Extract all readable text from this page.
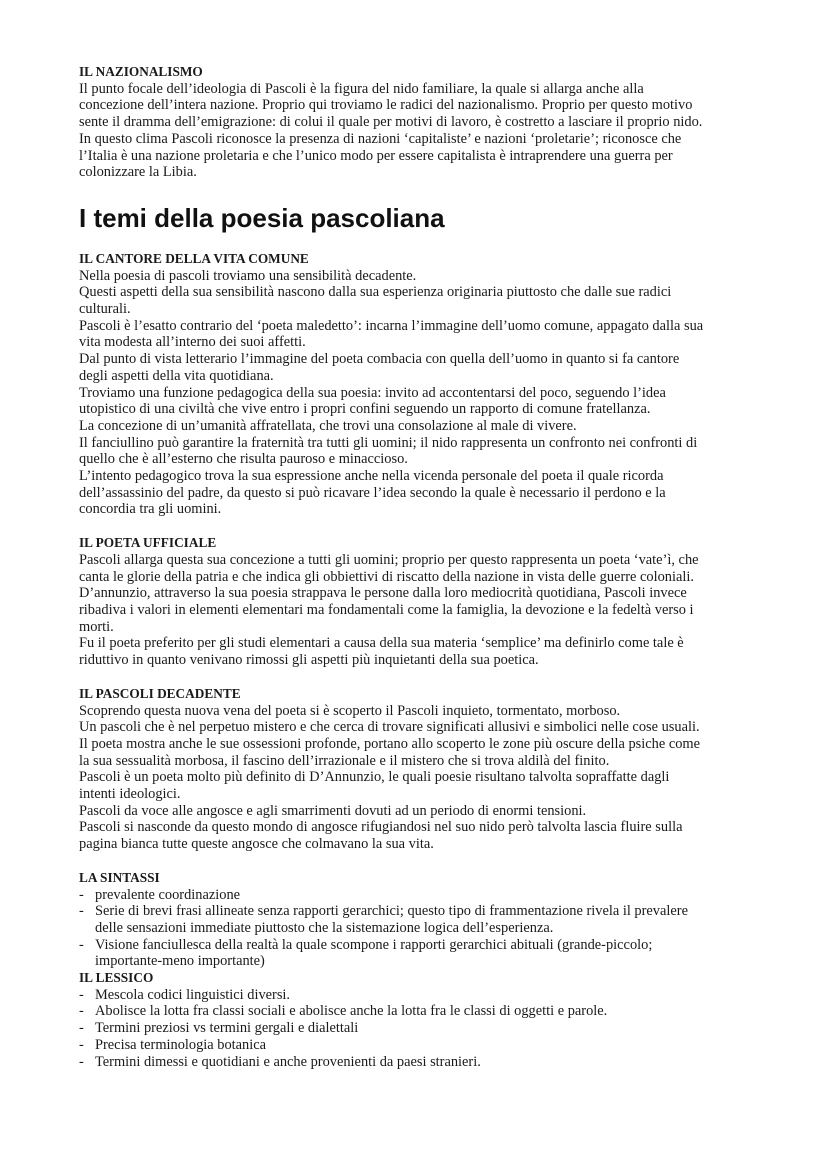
IL NAZIONALISMO

Il punto focale dell’ideologia di Pascoli è la figura del nido familiare, la quale si allarga anche alla

concezione dell’intera nazione. Proprio qui troviamo le radici del nazionalismo. Proprio per questo motivo

sente il dramma dell’emigrazione: di colui il quale per motivi di lavoro, è costretto a lasciare il proprio nido.

In questo clima Pascoli riconosce la presenza di nazioni ‘capitaliste’ e nazioni ‘proletarie’; riconosce che

l’Italia è una nazione proletaria e che l’unico modo per essere capitalista è intraprendere una guerra per

colonizzare la Libia.

I temi della poesia pascoliana
IL CANTORE DELLA VITA COMUNE

Nella poesia di pascoli troviamo una sensibilità decadente.

Questi aspetti della sua sensibilità nascono dalla sua esperienza originaria piuttosto che dalle sue radici

culturali.

Pascoli è l’esatto contrario del ‘poeta maledetto’: incarna l’immagine dell’uomo comune, appagato dalla sua

vita modesta all’interno dei suoi affetti.

Dal punto di vista letterario l’immagine del poeta combacia con quella dell’uomo in quanto si fa cantore

degli aspetti della vita quotidiana.

Troviamo una funzione pedagogica della sua poesia: invito ad accontentarsi del poco, seguendo l’idea

utopistico di una civiltà che vive entro i propri confini seguendo un rapporto di comune fratellanza.

La concezione di un’umanità affratellata, che trovi una consolazione al male di vivere.

Il fanciullino può garantire la fraternità tra tutti gli uomini; il nido rappresenta un confronto nei confronti di

quello che è all’esterno che risulta pauroso e minaccioso.

L’intento pedagogico trova la sua espressione anche nella vicenda personale del poeta il quale ricorda

dell’assassinio del padre, da questo si può ricavare l’idea secondo la quale è necessario il perdono e la

concordia tra gli uomini.

IL POETA UFFICIALE

Pascoli allarga questa sua concezione a tutti gli uomini; proprio per questo rappresenta un poeta ‘vate’ì, che

canta le glorie della patria e che indica gli obbiettivi di riscatto della nazione in vista delle guerre coloniali.

D’annunzio, attraverso la sua poesia strappava le persone dalla loro mediocrità quotidiana, Pascoli invece

ribadiva i valori in elementi elementari ma fondamentali come la famiglia, la devozione e la fedeltà verso i

morti.

Fu il poeta preferito per gli studi elementari a causa della sua materia ‘semplice’ ma definirlo come tale è

riduttivo in quanto venivano rimossi gli aspetti più inquietanti della sua poetica.

IL PASCOLI DECADENTE

Scoprendo questa nuova vena del poeta si è scoperto il Pascoli inquieto, tormentato, morboso.

Un pascoli che è nel perpetuo mistero e che cerca di trovare significati allusivi e simbolici nelle cose usuali.

Il poeta mostra anche le sue ossessioni profonde, portano allo scoperto le zone più oscure della psiche come

la sua sessualità morbosa, il fascino dell’irrazionale e il mistero che si trova aldilà del finito.

Pascoli è un poeta molto più definito di D’Annunzio, le quali poesie risultano talvolta sopraffatte dagli

intenti ideologici.

Pascoli da voce alle angosce e agli smarrimenti dovuti ad un periodo di enormi tensioni.

Pascoli si nasconde da questo mondo di angosce rifugiandosi nel suo nido però talvolta lascia fluire sulla

pagina bianca tutte queste angosce che colmavano la sua vita.

LA SINTASSI
- prevalente coordinazione
- Serie di brevi frasi allineate senza rapporti gerarchici; questo tipo di frammentazione rivela il prevalere
delle sensazioni immediate piuttosto che la sistemazione logica dell’esperienza.
- Visione fanciullesca della realtà la quale scompone i rapporti gerarchici abituali (grande-piccolo;
importante-meno importante)
IL LESSICO
- Mescola codici linguistici diversi.
- Abolisce la lotta fra classi sociali e abolisce anche la lotta fra le classi di oggetti e parole.
- Termini preziosi vs termini gergali e dialettali
- Precisa terminologia botanica
- Termini dimessi e quotidiani e anche provenienti da paesi stranieri.
